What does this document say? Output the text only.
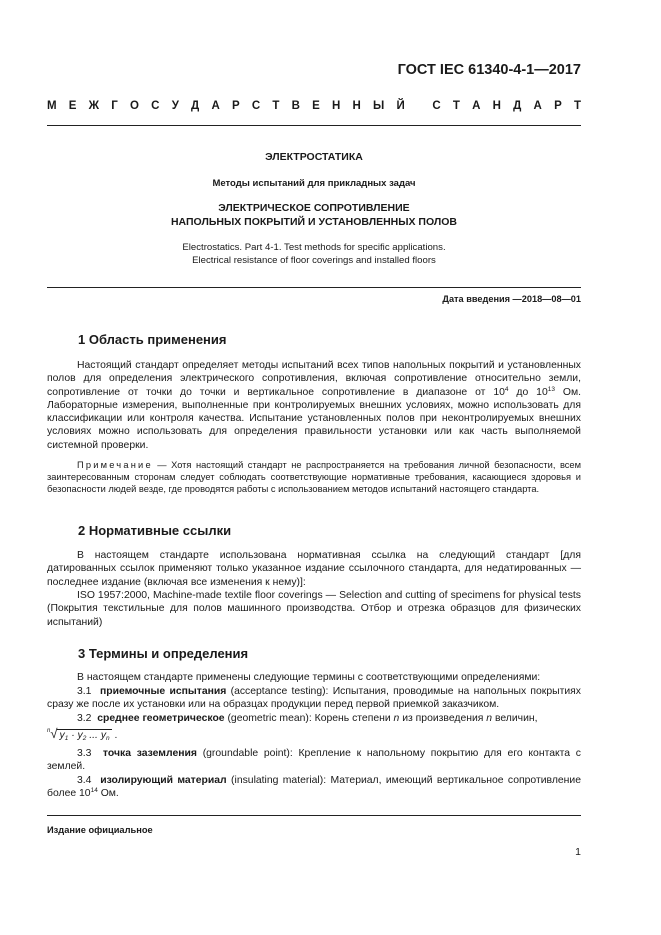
ГОСТ IEC 61340-4-1—2017
М Е Ж Г О С У Д А Р С Т В Е Н Н Ы Й
С Т А Н Д А Р Т
ЭЛЕКТРОСТАТИКА
Методы испытаний для прикладных задач
ЭЛЕКТРИЧЕСКОЕ СОПРОТИВЛЕНИЕ
НАПОЛЬНЫХ ПОКРЫТИЙ И УСТАНОВЛЕННЫХ ПОЛОВ
Electrostatics. Part 4-1. Test methods for specific applications.
Electrical resistance of floor coverings and installed floors
Дата введения —2018—08—01
1 Область применения

Настоящий стандарт определяет методы испытаний всех типов напольных покрытий и установленных полов для определения электрического сопротивления, включая сопротивление относительно земли, сопротивление от точки до точки и вертикальное сопротивление в диапазоне от $10^4$ до $10^{13}$ Ом. Лабораторные измерения, выполненные при контролируемых внешних условиях, можно использовать для классификации или контроля качества. Испытание установленных полов при неконтролируемых внешних условиях можно использовать для определения правильности установки или как часть выполняемой системной проверки.

Примечание — Хотя настоящий стандарт не распространяется на требования личной безопасности, всем заинтересованным сторонам следует соблюдать соответствующие нормативные требования, касающиеся здоровья и безопасности людей везде, где проводятся работы с использованием методов испытаний настоящего стандарта.

2 Нормативные ссылки

В настоящем стандарте использована нормативная ссылка на следующий стандарт [для датированных ссылок применяют только указанное издание ссылочного стандарта, для недатированных — последнее издание (включая все изменения к нему)]:

ISO 1957:2000, Machine-made textile floor coverings — Selection and cutting of specimens for physical tests (Покрытия текстильные для полов машинного производства. Отбор и отрезка образцов для физических испытаний)

3 Термины и определения

В настоящем стандарте применены следующие термины с соответствующими определениями:

3.1 приемочные испытания (acceptance testing): Испытания, проводимые на напольных покрытиях сразу же после их установки или на образцах продукции перед первой приемкой заказчиком.

3.2 среднее геометрическое (geometric mean): Корень степени n из произведения n величин,

$^n$√ $y_1 \cdot y_2$ ... $y_n$ .

3.3 точка заземления (groundable point): Крепление к напольному покрытию для его контакта с землей.

3.4 изолирующий материал (insulating material): Материал, имеющий вертикальное сопротивление более $10^{14}$ Ом.

Издание официальное
1
